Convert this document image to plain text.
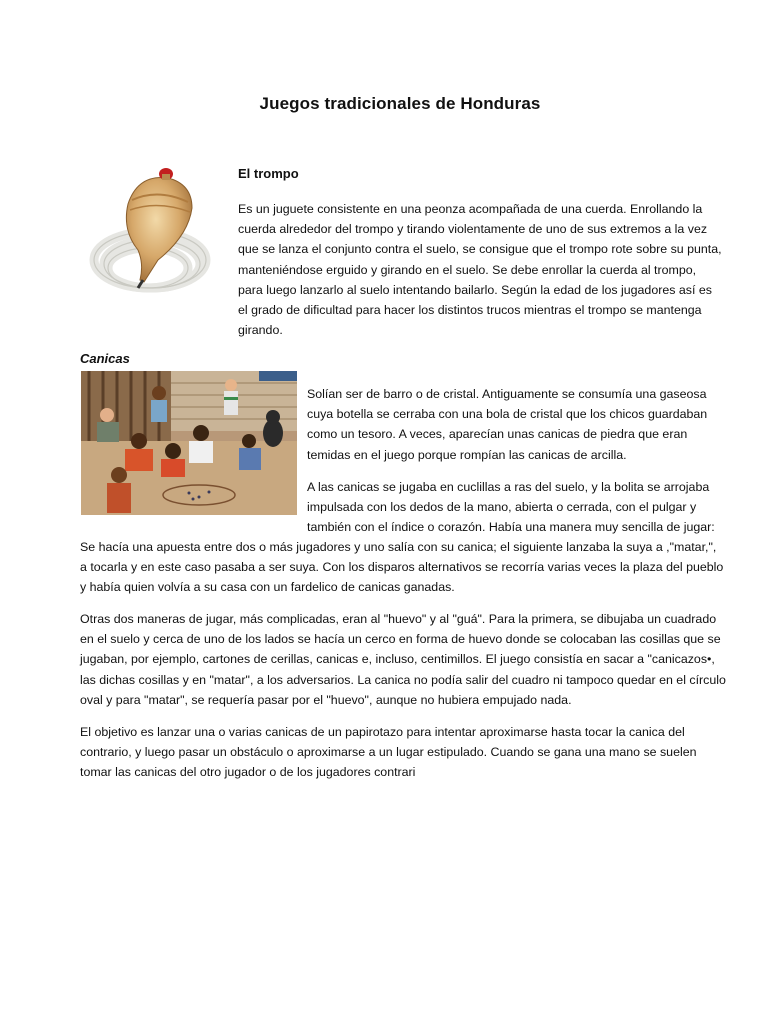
Juegos tradicionales de Honduras
El trompo

Es un juguete consistente en una peonza acompañada de una cuerda. Enrollando la cuerda alrededor del trompo y tirando violentamente de uno de sus extremos a la vez que se lanza el conjunto contra el suelo, se consigue que el trompo rote sobre su punta, manteniéndose erguido y girando en el suelo. Se debe enrollar la cuerda al trompo, para luego lanzarlo al suelo intentando bailarlo. Según la edad de los jugadores así es el grado de dificultad para hacer los distintos trucos mientras el trompo se mantenga girando.

Canicas

Solían ser de barro o de cristal. Antiguamente se consumía una gaseosa cuya botella se cerraba con una bola de cristal que los chicos guardaban como un tesoro. A veces, aparecían unas canicas de piedra que eran temidas en el juego porque rompían las canicas de arcilla.

A las canicas se jugaba en cuclillas a ras del suelo, y la bolita se arrojaba impulsada con los dedos de la mano, abierta o cerrada, con el pulgar y también con el índice o corazón. Había una manera muy sencilla de jugar:

Se hacía una apuesta entre dos o más jugadores y uno salía con su canica; el siguiente lanzaba la suya a ,"matar,", a tocarla y en este caso pasaba a ser suya. Con los disparos alternativos se recorría varias veces la plaza del pueblo y había quien volvía a su casa con un fardelico de canicas ganadas.

Otras dos maneras de jugar, más complicadas, eran al "huevo" y al "guá". Para la primera, se dibujaba un cuadrado en el suelo y cerca de uno de los lados se hacía un cerco en forma de huevo donde se colocaban las cosillas que se jugaban, por ejemplo, cartones de cerillas, canicas e, incluso, centimillos. El juego consistía en sacar a "canicazos•, las dichas cosillas y en "matar", a los adversarios. La canica no podía salir del cuadro ni tampoco quedar en el círculo oval y para "matar", se requería pasar por el "huevo", aunque no hubiera empujado nada.

El objetivo es lanzar una o varias canicas de un papirotazo para intentar aproximarse hasta tocar la canica del contrario, y luego pasar un obstáculo o aproximarse a un lugar estipulado. Cuando se gana una mano se suelen tomar las canicas del otro jugador o de los jugadores contrari
